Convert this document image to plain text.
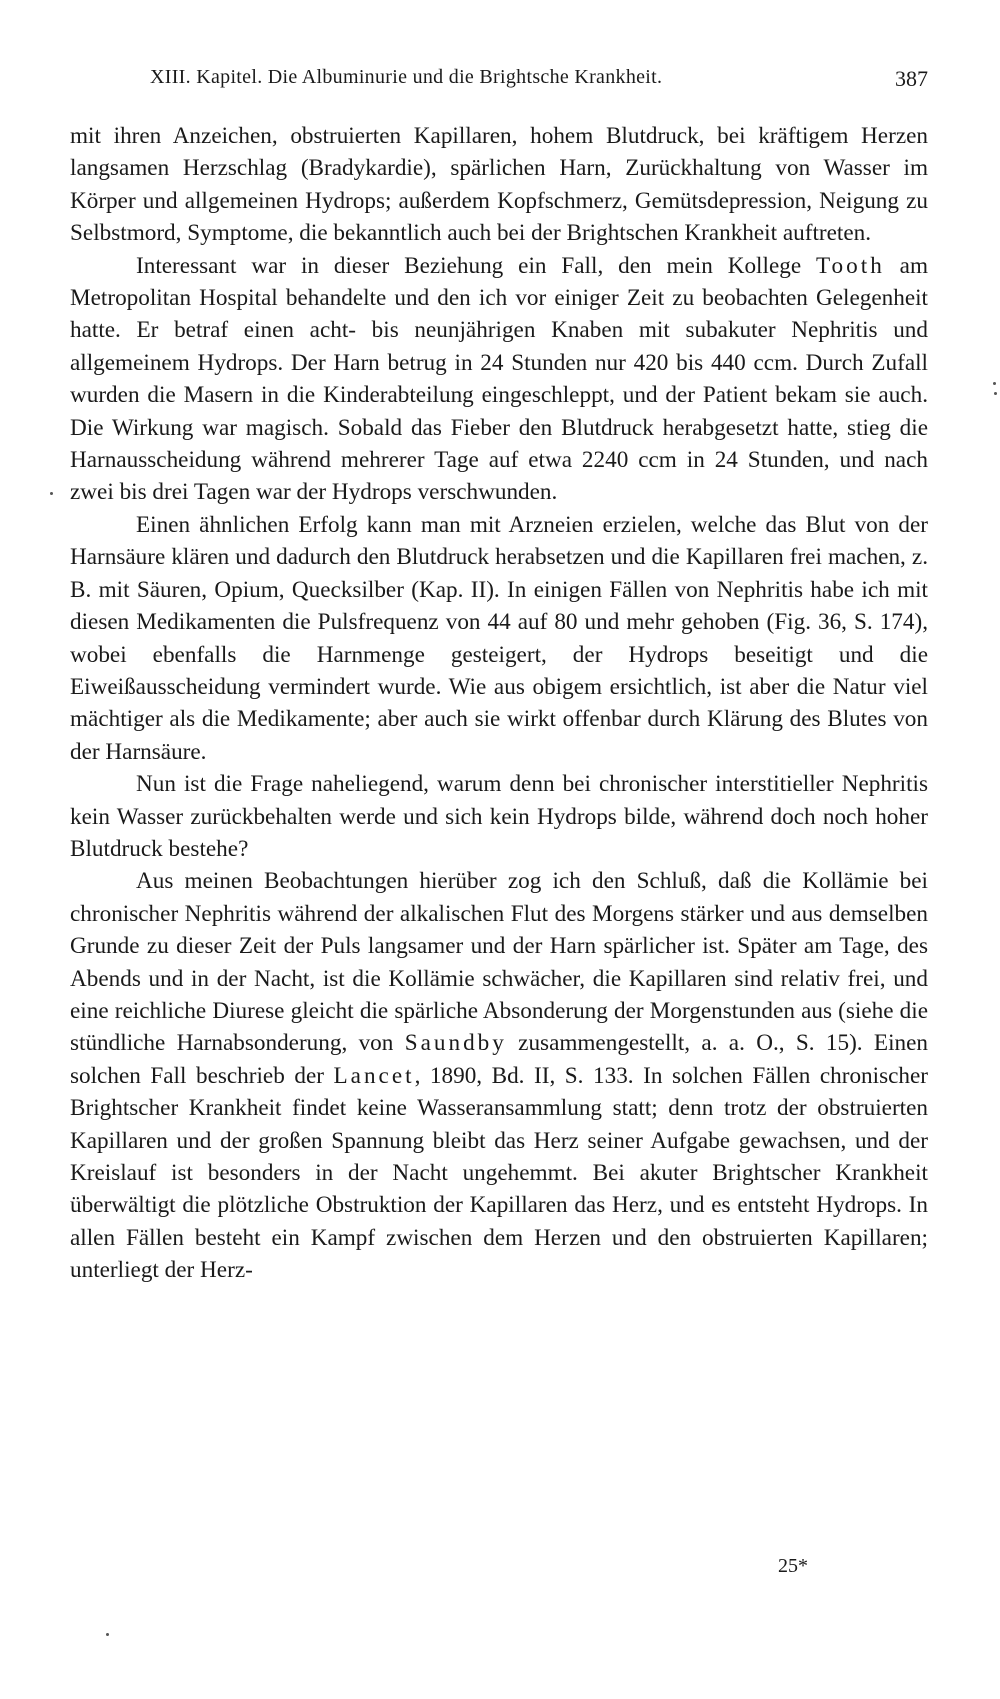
XIII. Kapitel. Die Albuminurie und die Brightsche Krankheit.	387

mit ihren Anzeichen, obstruierten Kapillaren, hohem Blutdruck, bei kräftigem Herzen langsamen Herzschlag (Bradykardie), spärlichen Harn, Zurückhaltung von Wasser im Körper und allgemeinen Hydrops; außerdem Kopfschmerz, Gemütsdepression, Neigung zu Selbstmord, Symptome, die bekanntlich auch bei der Brightschen Krankheit auftreten.

Interessant war in dieser Beziehung ein Fall, den mein Kollege Tooth am Metropolitan Hospital behandelte und den ich vor einiger Zeit zu beobachten Gelegenheit hatte. Er betraf einen acht- bis neunjährigen Knaben mit subakuter Nephritis und allgemeinem Hydrops. Der Harn betrug in 24 Stunden nur 420 bis 440 ccm. Durch Zufall wurden die Masern in die Kinderabteilung eingeschleppt, und der Patient bekam sie auch. Die Wirkung war magisch. Sobald das Fieber den Blutdruck herabgesetzt hatte, stieg die Harnausscheidung während mehrerer Tage auf etwa 2240 ccm in 24 Stunden, und nach zwei bis drei Tagen war der Hydrops verschwunden.

Einen ähnlichen Erfolg kann man mit Arzneien erzielen, welche das Blut von der Harnsäure klären und dadurch den Blutdruck herabsetzen und die Kapillaren frei machen, z. B. mit Säuren, Opium, Quecksilber (Kap. II). In einigen Fällen von Nephritis habe ich mit diesen Medikamenten die Pulsfrequenz von 44 auf 80 und mehr gehoben (Fig. 36, S. 174), wobei ebenfalls die Harnmenge gesteigert, der Hydrops beseitigt und die Eiweißausscheidung vermindert wurde. Wie aus obigem ersichtlich, ist aber die Natur viel mächtiger als die Medikamente; aber auch sie wirkt offenbar durch Klärung des Blutes von der Harnsäure.

Nun ist die Frage naheliegend, warum denn bei chronischer interstitieller Nephritis kein Wasser zurückbehalten werde und sich kein Hydrops bilde, während doch noch hoher Blutdruck bestehe?

Aus meinen Beobachtungen hierüber zog ich den Schluß, daß die Kollämie bei chronischer Nephritis während der alkalischen Flut des Morgens stärker und aus demselben Grunde zu dieser Zeit der Puls langsamer und der Harn spärlicher ist. Später am Tage, des Abends und in der Nacht, ist die Kollämie schwächer, die Kapillaren sind relativ frei, und eine reichliche Diurese gleicht die spärliche Absonderung der Morgenstunden aus (siehe die stündliche Harnabsonderung, von Saundby zusammengestellt, a. a. O., S. 15). Einen solchen Fall beschrieb der Lancet, 1890, Bd. II, S. 133. In solchen Fällen chronischer Brightscher Krankheit findet keine Wasseransammlung statt; denn trotz der obstruierten Kapillaren und der großen Spannung bleibt das Herz seiner Aufgabe gewachsen, und der Kreislauf ist besonders in der Nacht ungehemmt. Bei akuter Brightscher Krankheit überwältigt die plötzliche Obstruktion der Kapillaren das Herz, und es entsteht Hydrops. In allen Fällen besteht ein Kampf zwischen dem Herzen und den obstruierten Kapillaren; unterliegt der Herz-

25*
